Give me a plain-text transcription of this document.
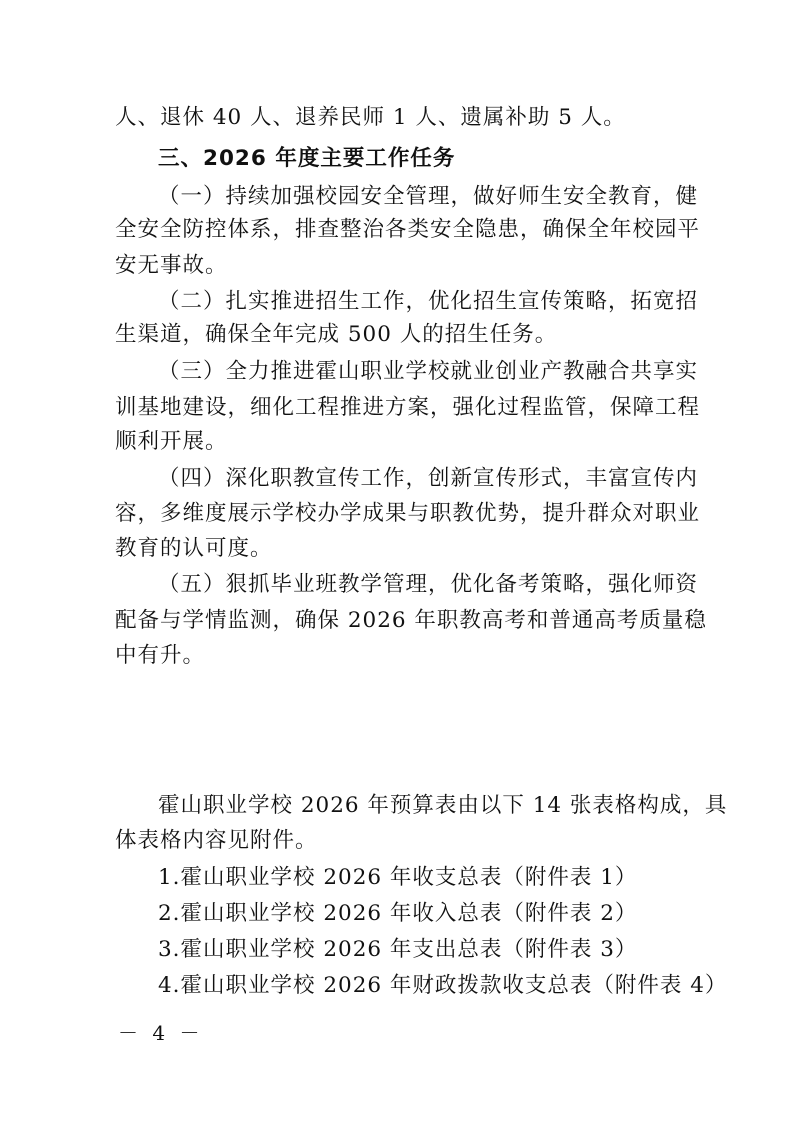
人、退休 40 人、退养民师 1 人、遗属补助 5 人。
三、2026 年度主要工作任务
（一）持续加强校园安全管理，做好师生安全教育，健
全安全防控体系，排查整治各类安全隐患，确保全年校园平
安无事故。
（二）扎实推进招生工作，优化招生宣传策略，拓宽招
生渠道，确保全年完成 500 人的招生任务。
（三）全力推进霍山职业学校就业创业产教融合共享实
训基地建设，细化工程推进方案，强化过程监管，保障工程
顺利开展。
（四）深化职教宣传工作，创新宣传形式，丰富宣传内
容，多维度展示学校办学成果与职教优势，提升群众对职业
教育的认可度。
（五）狠抓毕业班教学管理，优化备考策略，强化师资
配备与学情监测，确保 2026 年职教高考和普通高考质量稳
中有升。
霍山职业学校 2026 年预算表由以下 14 张表格构成，具
体表格内容见附件。
1.霍山职业学校 2026 年收支总表（附件表 1）
2.霍山职业学校 2026 年收入总表（附件表 2）
3.霍山职业学校 2026 年支出总表（附件表 3）
4.霍山职业学校 2026 年财政拨款收支总表（附件表 4）
－ 4 －
